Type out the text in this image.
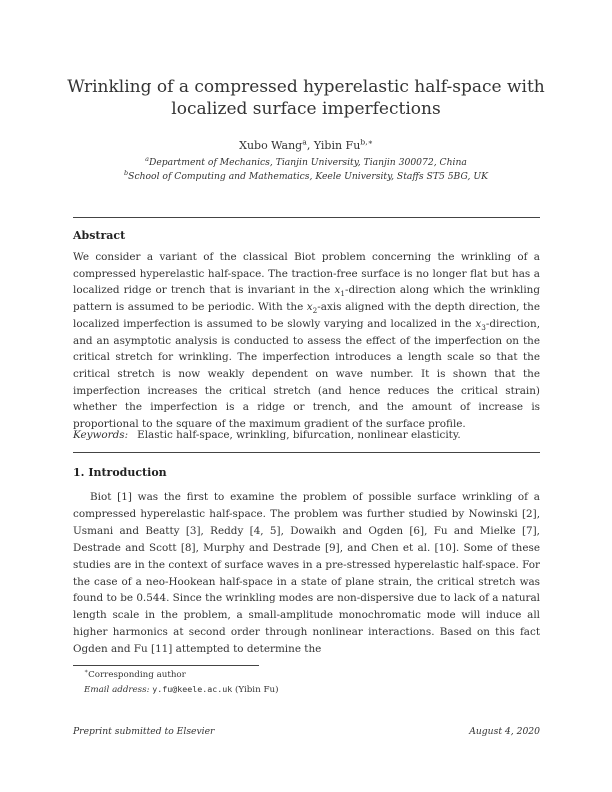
Wrinkling of a compressed hyperelastic half-space with localized surface imperfections
Xubo Wang$^a$, Yibin $Fu^{b,∗}$
$^a$Department of Mechanics, Tianjin University, Tianjin 300072, China
$^b$School of Computing and Mathematics, Keele University, Staffs ST5 5BG, UK
Abstract
We consider a variant of the classical Biot problem concerning the wrinkling of a compressed hyperelastic half-space. The traction-free surface is no longer flat but has a localized ridge or trench that is invariant in the $x_1$-direction along which the wrinkling pattern is assumed to be periodic. With the $x_2$-axis aligned with the depth direction, the localized imperfection is assumed to be slowly varying and localized in the $x_3$-direction, and an asymptotic analysis is conducted to assess the effect of the imperfection on the critical stretch for wrinkling. The imperfection introduces a length scale so that the critical stretch is now weakly dependent on wave number. It is shown that the imperfection increases the critical stretch (and hence reduces the critical strain) whether the imperfection is a ridge or trench, and the amount of increase is proportional to the square of the maximum gradient of the surface profile.
Keywords: Elastic half-space, wrinkling, bifurcation, nonlinear elasticity.
1. Introduction
Biot [1] was the first to examine the problem of possible surface wrinkling of a compressed hyperelastic half-space. The problem was further studied by Nowinski [2], Usmani and Beatty [3], Reddy [4, 5], Dowaikh and Ogden [6], Fu and Mielke [7], Destrade and Scott [8], Murphy and Destrade [9], and Chen et al. [10]. Some of these studies are in the context of surface waves in a pre-stressed hyperelastic half-space. For the case of a neo-Hookean half-space in a state of plane strain, the critical stretch was found to be 0.544. Since the wrinkling modes are non-dispersive due to lack of a natural length scale in the problem, a small-amplitude monochromatic mode will induce all higher harmonics at second order through nonlinear interactions. Based on this fact Ogden and Fu [11] attempted to determine the
∗Corresponding author
Email address: y.fu@keele.ac.uk (Yibin Fu)
Preprint submitted to Elsevier	August 4, 2020
